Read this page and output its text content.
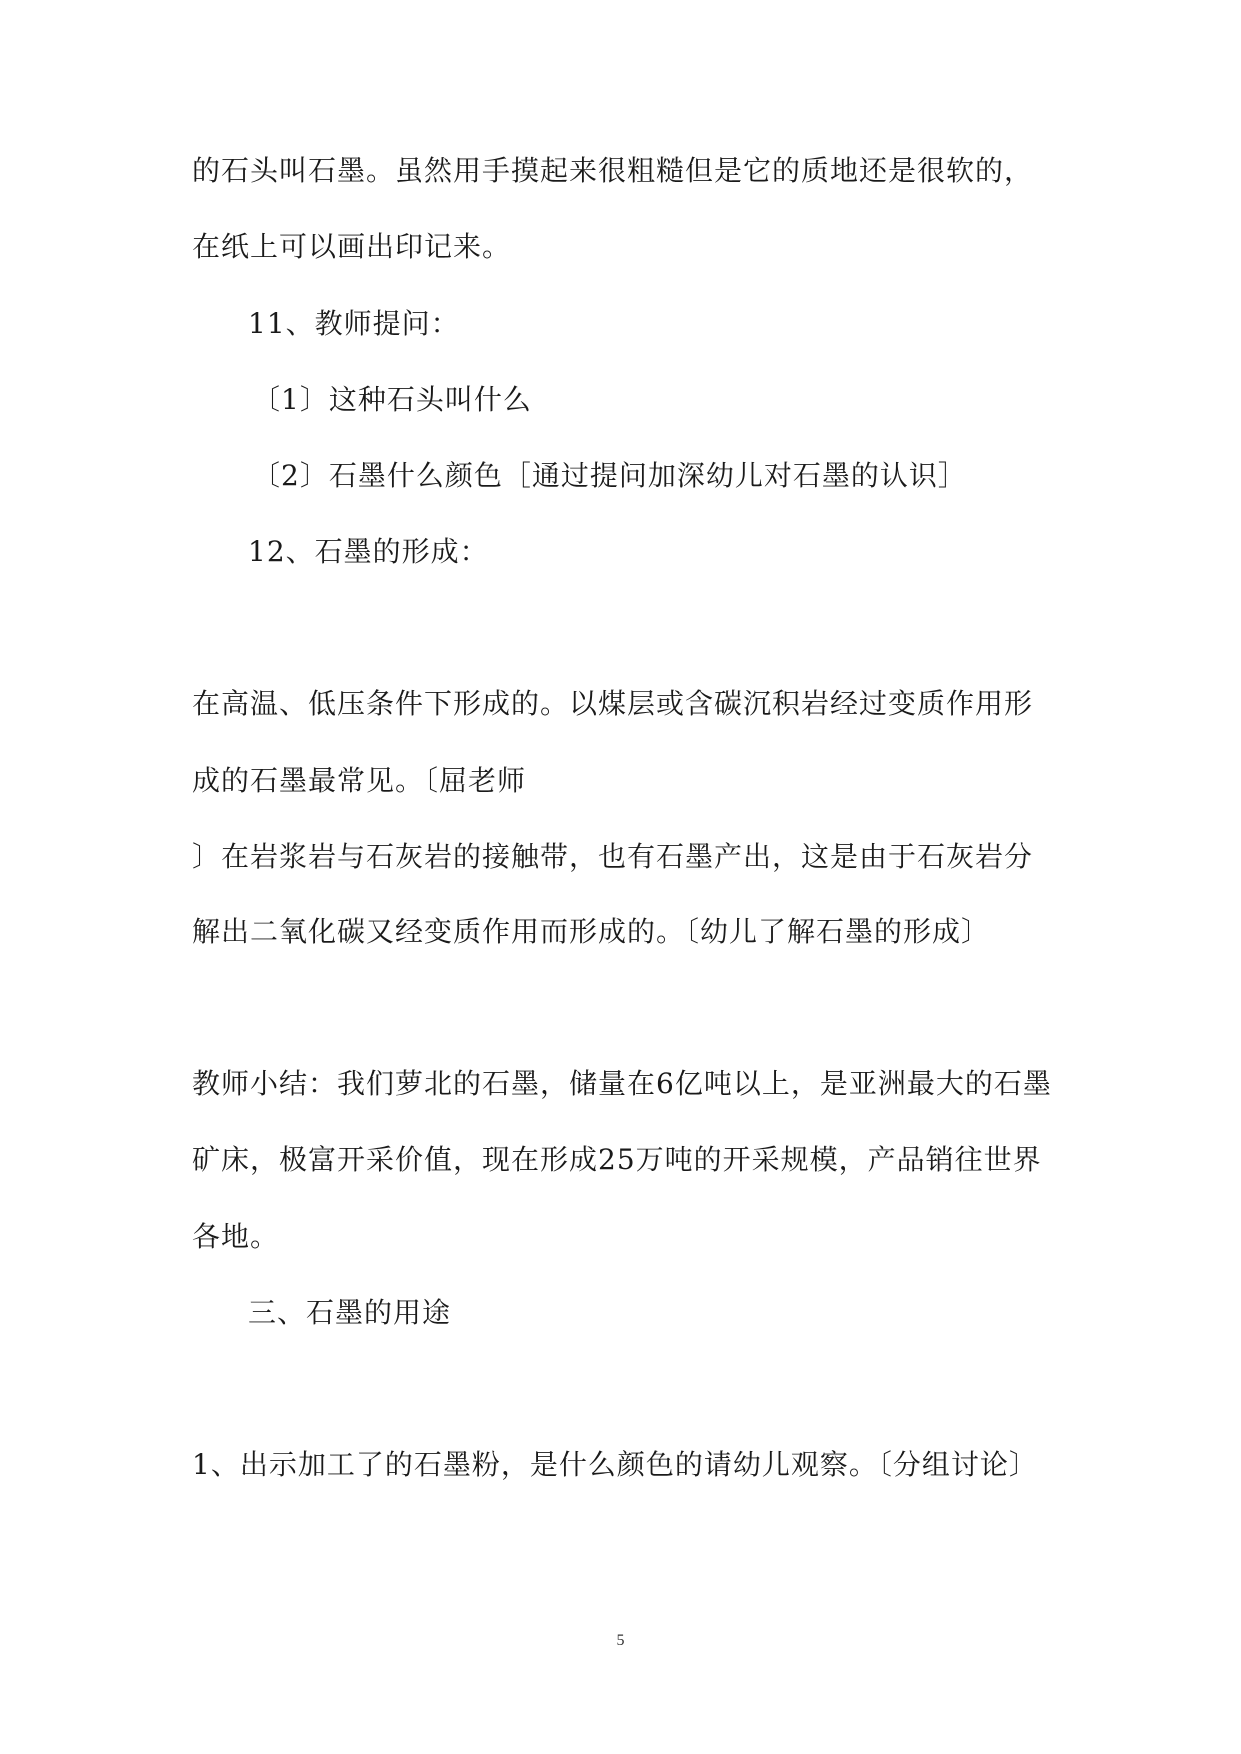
的石头叫石墨。虽然用手摸起来很粗糙但是它的质地还是很软的，
在纸上可以画出印记来。
11、教师提问：
〔1〕这种石头叫什么
〔2〕石墨什么颜色［通过提问加深幼儿对石墨的认识］
12、石墨的形成：
在高温、低压条件下形成的。以煤层或含碳沉积岩经过变质作用形
成的石墨最常见。〔屈老师
〕在岩浆岩与石灰岩的接触带，也有石墨产出，这是由于石灰岩分
解出二氧化碳又经变质作用而形成的。〔幼儿了解石墨的形成〕
教师小结：我们萝北的石墨，储量在6亿吨以上，是亚洲最大的石墨
矿床，极富开采价值，现在形成25万吨的开采规模，产品销往世界
各地。
三、石墨的用途
1、出示加工了的石墨粉，是什么颜色的请幼儿观察。〔分组讨论〕
5
